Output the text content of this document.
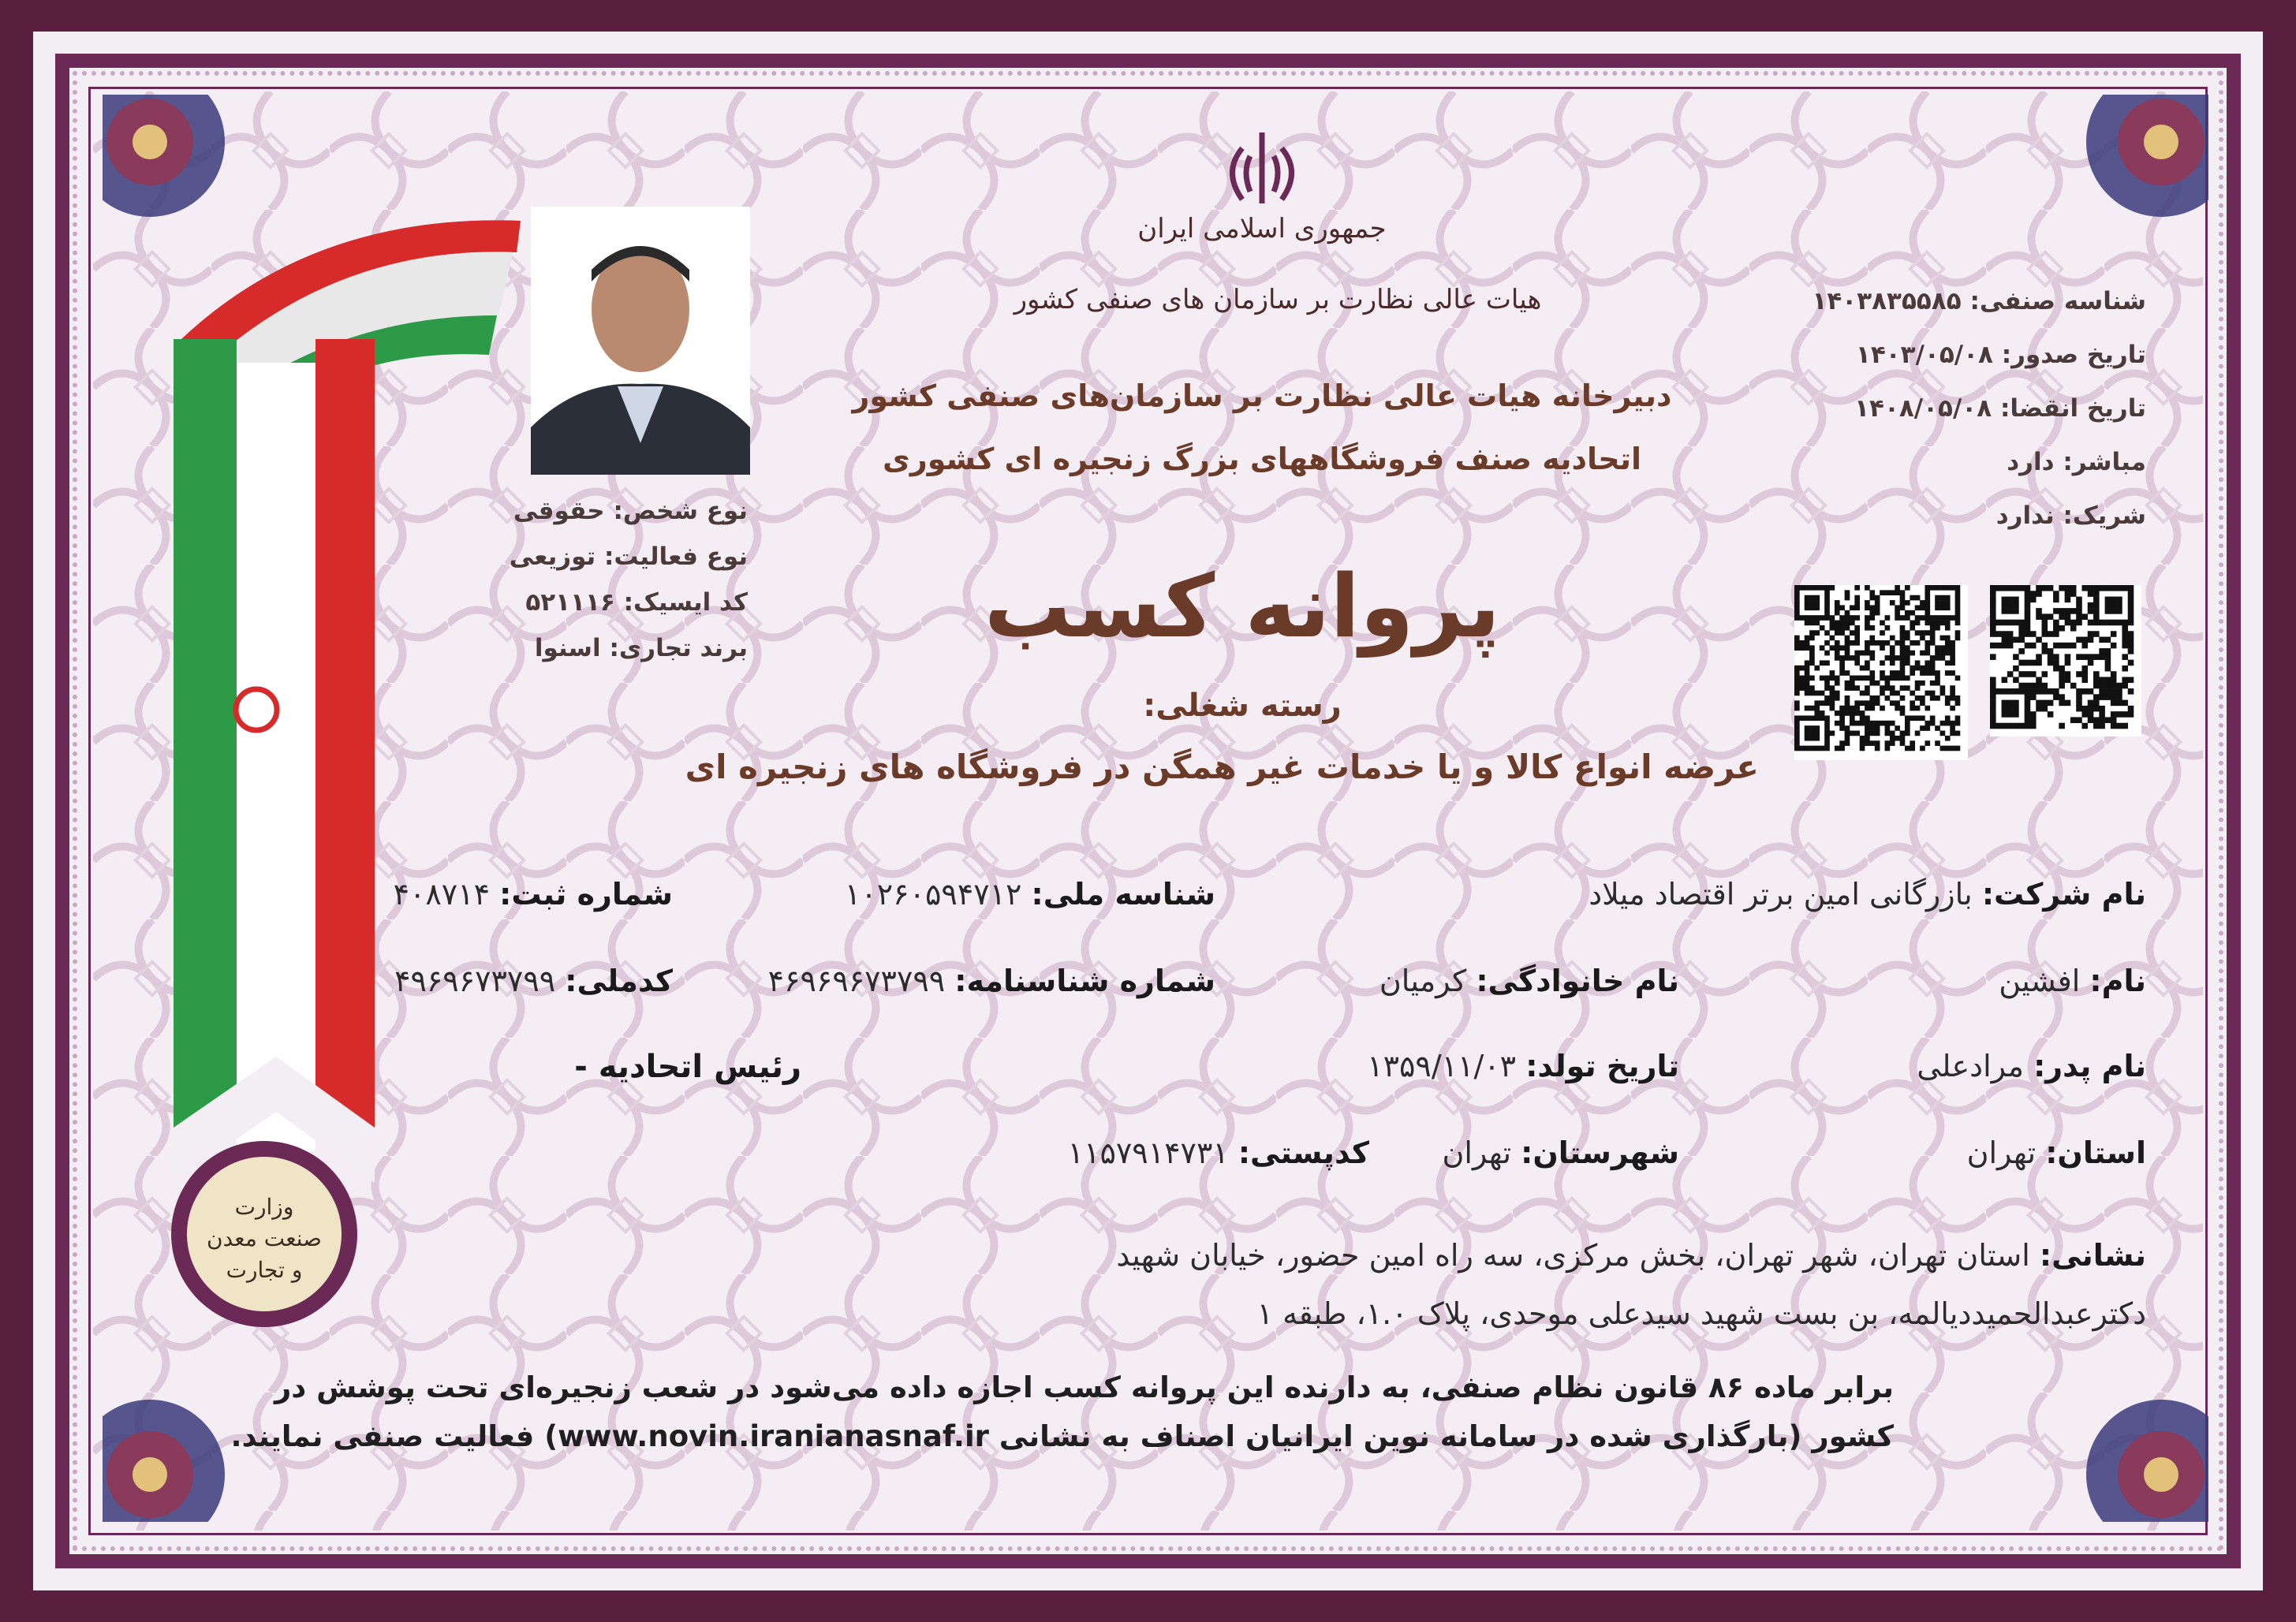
وزارت
صنعت معدن
و تجارت
جمهوری اسلامی ایران
هیات عالی نظارت بر سازمان های صنفی کشور
دبیرخانه هیات عالی نظارت بر سازمان‌های صنفی کشور
اتحادیه صنف فروشگاههای بزرگ زنجیره ای کشوری
پروانه کسب
رسته شغلی:
عرضه انواع کالا و یا خدمات غیر همگن در فروشگاه های زنجیره ای
شناسه صنفی: ۱۴۰۳۸۳۵۵۸۵
تاریخ صدور: ۱۴۰۳/۰۵/۰۸
تاریخ انقضا: ۱۴۰۸/۰۵/۰۸
مباشر: دارد
شریک: ندارد
نوع شخص: حقوقی
نوع فعالیت: توزیعی
کد ایسیک: ۵۲۱۱۱۶
برند تجاری: اسنوا
نام شرکت: بازرگانی امین برتر اقتصاد میلاد
شناسه ملی: ۱۰۲۶۰۵۹۴۷۱۲
شماره ثبت: ۴۰۸۷۱۴
نام: افشین
نام خانوادگی: کرمیان
شماره شناسنامه: ۴۶۹۶۹۶۷۳۷۹۹
کدملی: ۴۹۶۹۶۷۳۷۹۹
نام پدر: مرادعلی
تاریخ تولد: ۱۳۵۹/۱۱/۰۳
رئیس اتحادیه -
استان: تهران
شهرستان: تهران
کدپستی: ۱۱۵۷۹۱۴۷۳۱
نشانی: استان تهران، شهر تهران، بخش مرکزی، سه راه امین حضور، خیابان شهید
دکترعبدالحمیددیالمه، بن بست شهید سیدعلی موحدی، پلاک ۱.۰، طبقه ۱
برابر ماده ۸۶ قانون نظام صنفی، به دارنده این پروانه کسب اجازه داده می‌شود در شعب زنجیره‌ای تحت پوشش در
کشور (بارگذاری شده در سامانه نوین ایرانیان اصناف به نشانی www.novin.iranianasnaf.ir) فعالیت صنفی نمایند.
